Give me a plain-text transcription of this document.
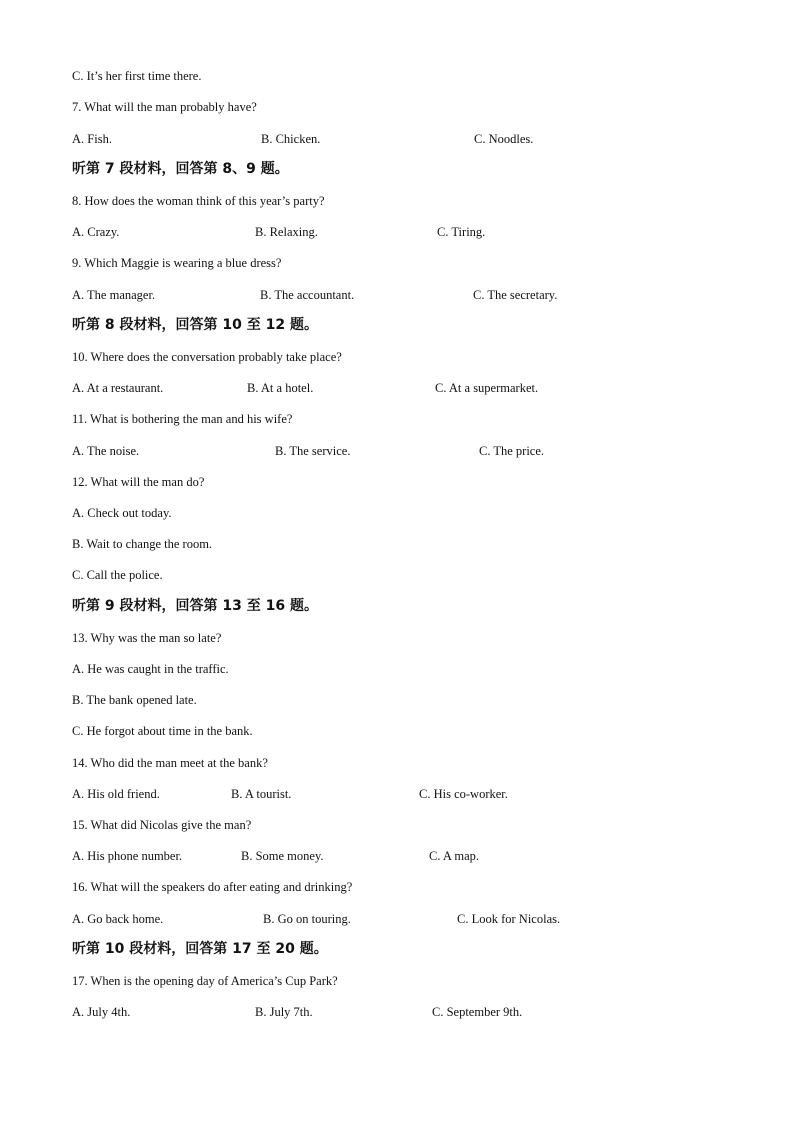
C. It’s her first time there.
7. What will the man probably have?
A. Fish.	B. Chicken.	C. Noodles.
听第 7 段材料，回答第 8、9 题。
8. How does the woman think of this year’s party?
A. Crazy.	B. Relaxing.	C. Tiring.
9. Which Maggie is wearing a blue dress?
A. The manager.	B. The accountant.	C. The secretary.
听第 8 段材料，回答第 10 至 12 题。
10. Where does the conversation probably take place?
A. At a restaurant.	B. At a hotel.	C. At a supermarket.
11. What is bothering the man and his wife?
A. The noise.	B. The service.	C. The price.
12. What will the man do?
A. Check out today.
B. Wait to change the room.
C. Call the police.
听第 9 段材料，回答第 13 至 16 题。
13. Why was the man so late?
A. He was caught in the traffic.
B. The bank opened late.
C. He forgot about time in the bank.
14. Who did the man meet at the bank?
A. His old friend.	B. A tourist.	C. His co-worker.
15. What did Nicolas give the man?
A. His phone number.	B. Some money.	C. A map.
16. What will the speakers do after eating and drinking?
A. Go back home.	B. Go on touring.	C. Look for Nicolas.
听第 10 段材料，回答第 17 至 20 题。
17. When is the opening day of America’s Cup Park?
A. July 4th.	B. July 7th.	C. September 9th.
